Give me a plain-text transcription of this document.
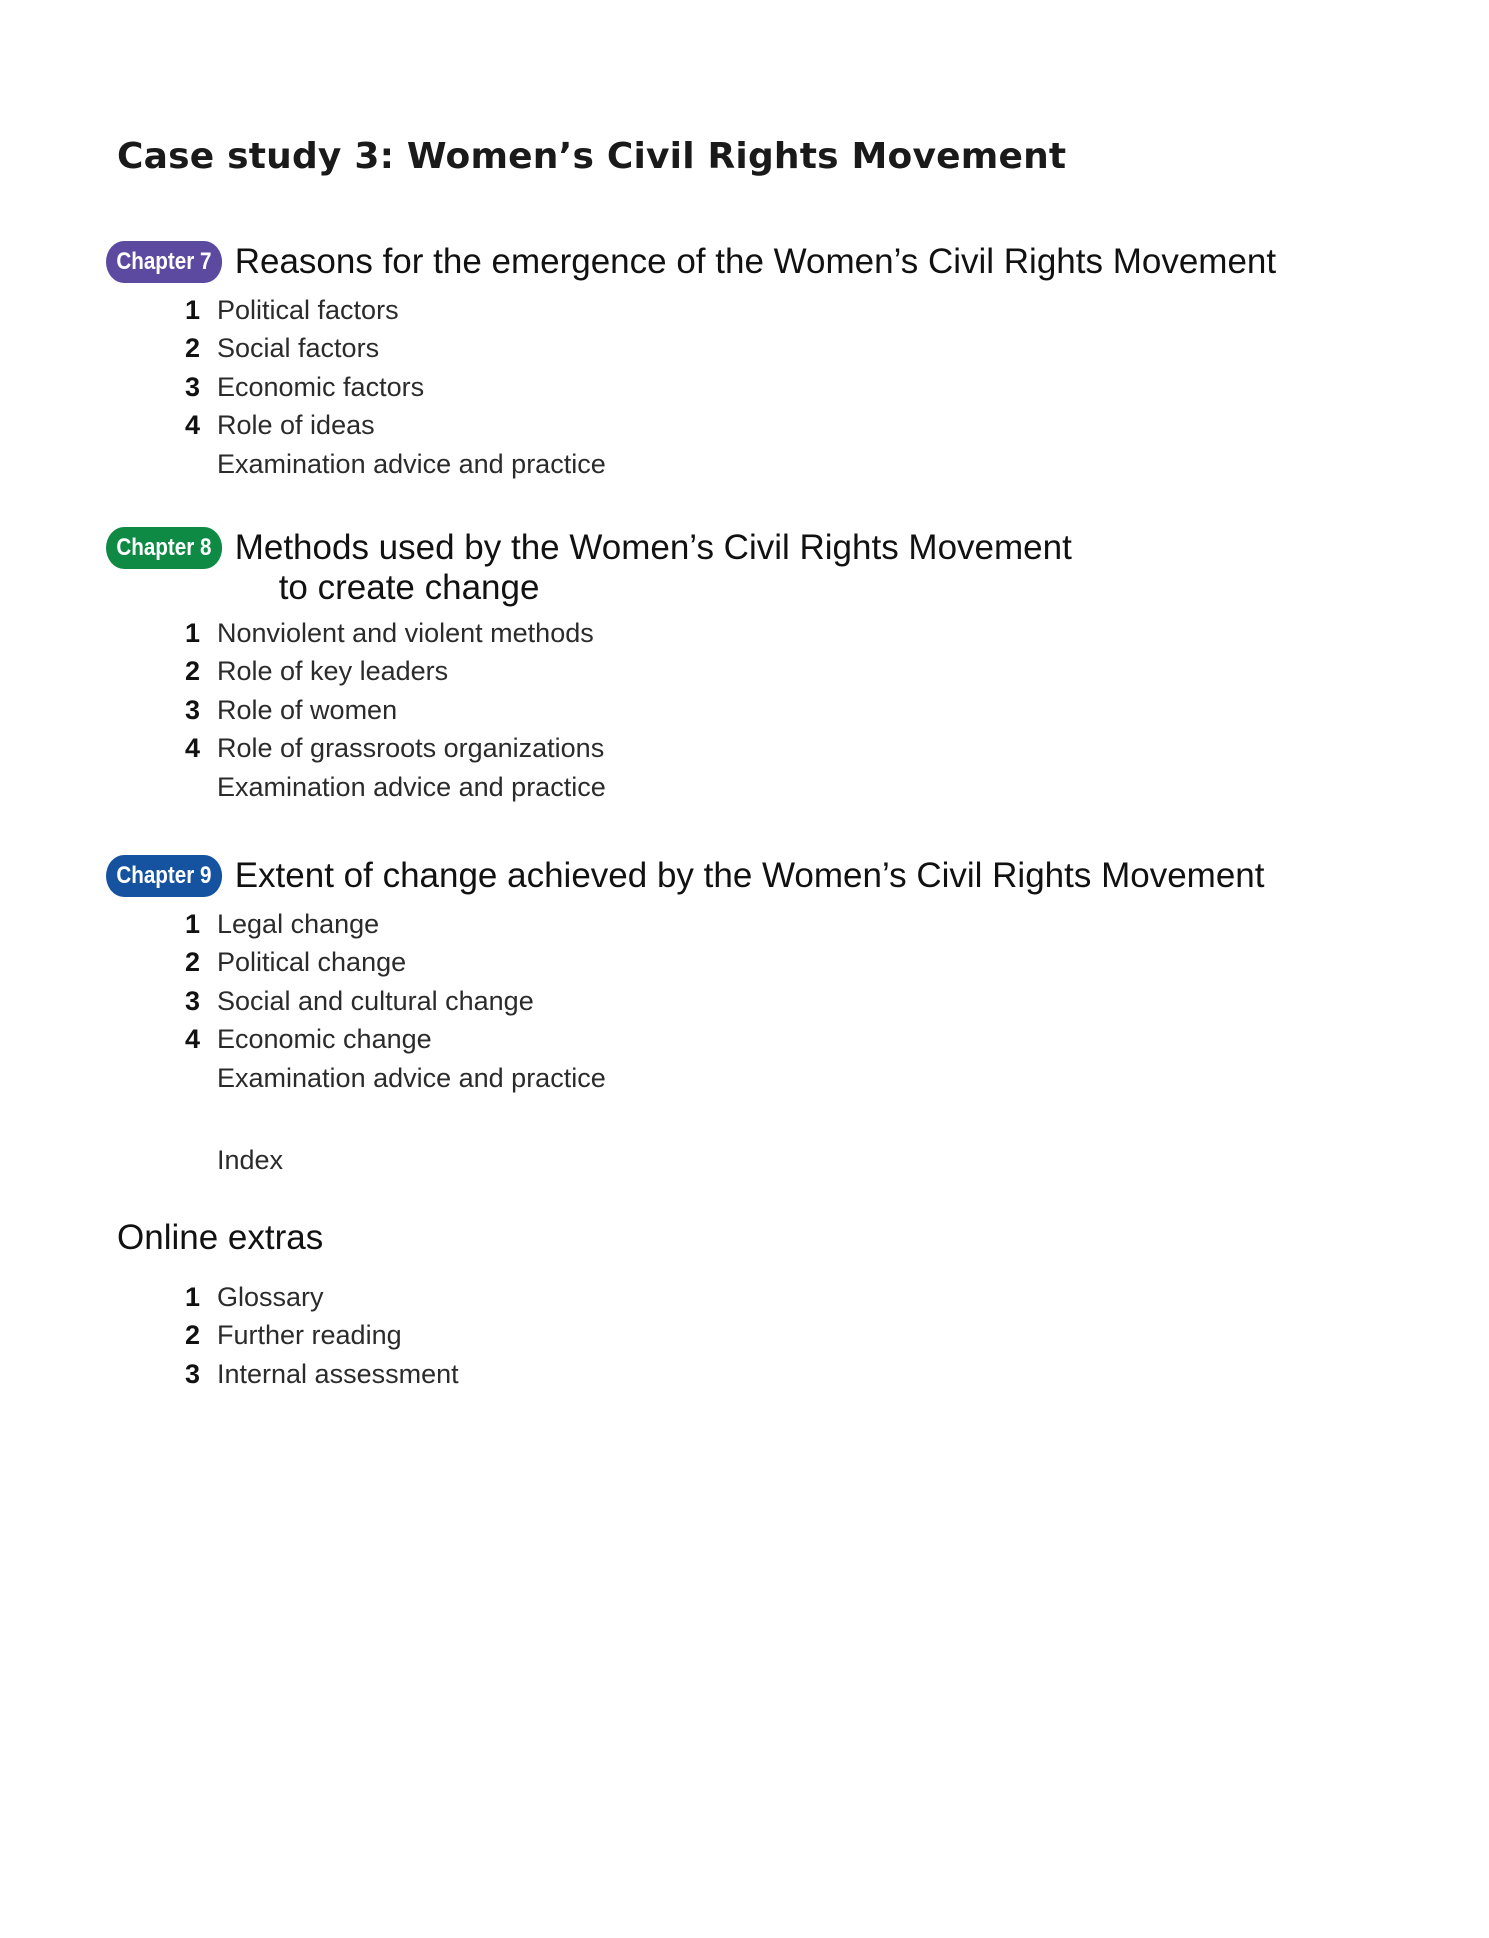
Case study 3: Women’s Civil Rights Movement
Chapter 7 Reasons for the emergence of the Women’s Civil Rights Movement
1 Political factors
2 Social factors
3 Economic factors
4 Role of ideas
Examination advice and practice
Chapter 8 Methods used by the Women’s Civil Rights Movement
to create change
1 Nonviolent and violent methods
2 Role of key leaders
3 Role of women
4 Role of grassroots organizations
Examination advice and practice
Chapter 9 Extent of change achieved by the Women’s Civil Rights Movement
1 Legal change
2 Political change
3 Social and cultural change
4 Economic change
Examination advice and practice
Index
Online extras
1 Glossary
2 Further reading
3 Internal assessment
